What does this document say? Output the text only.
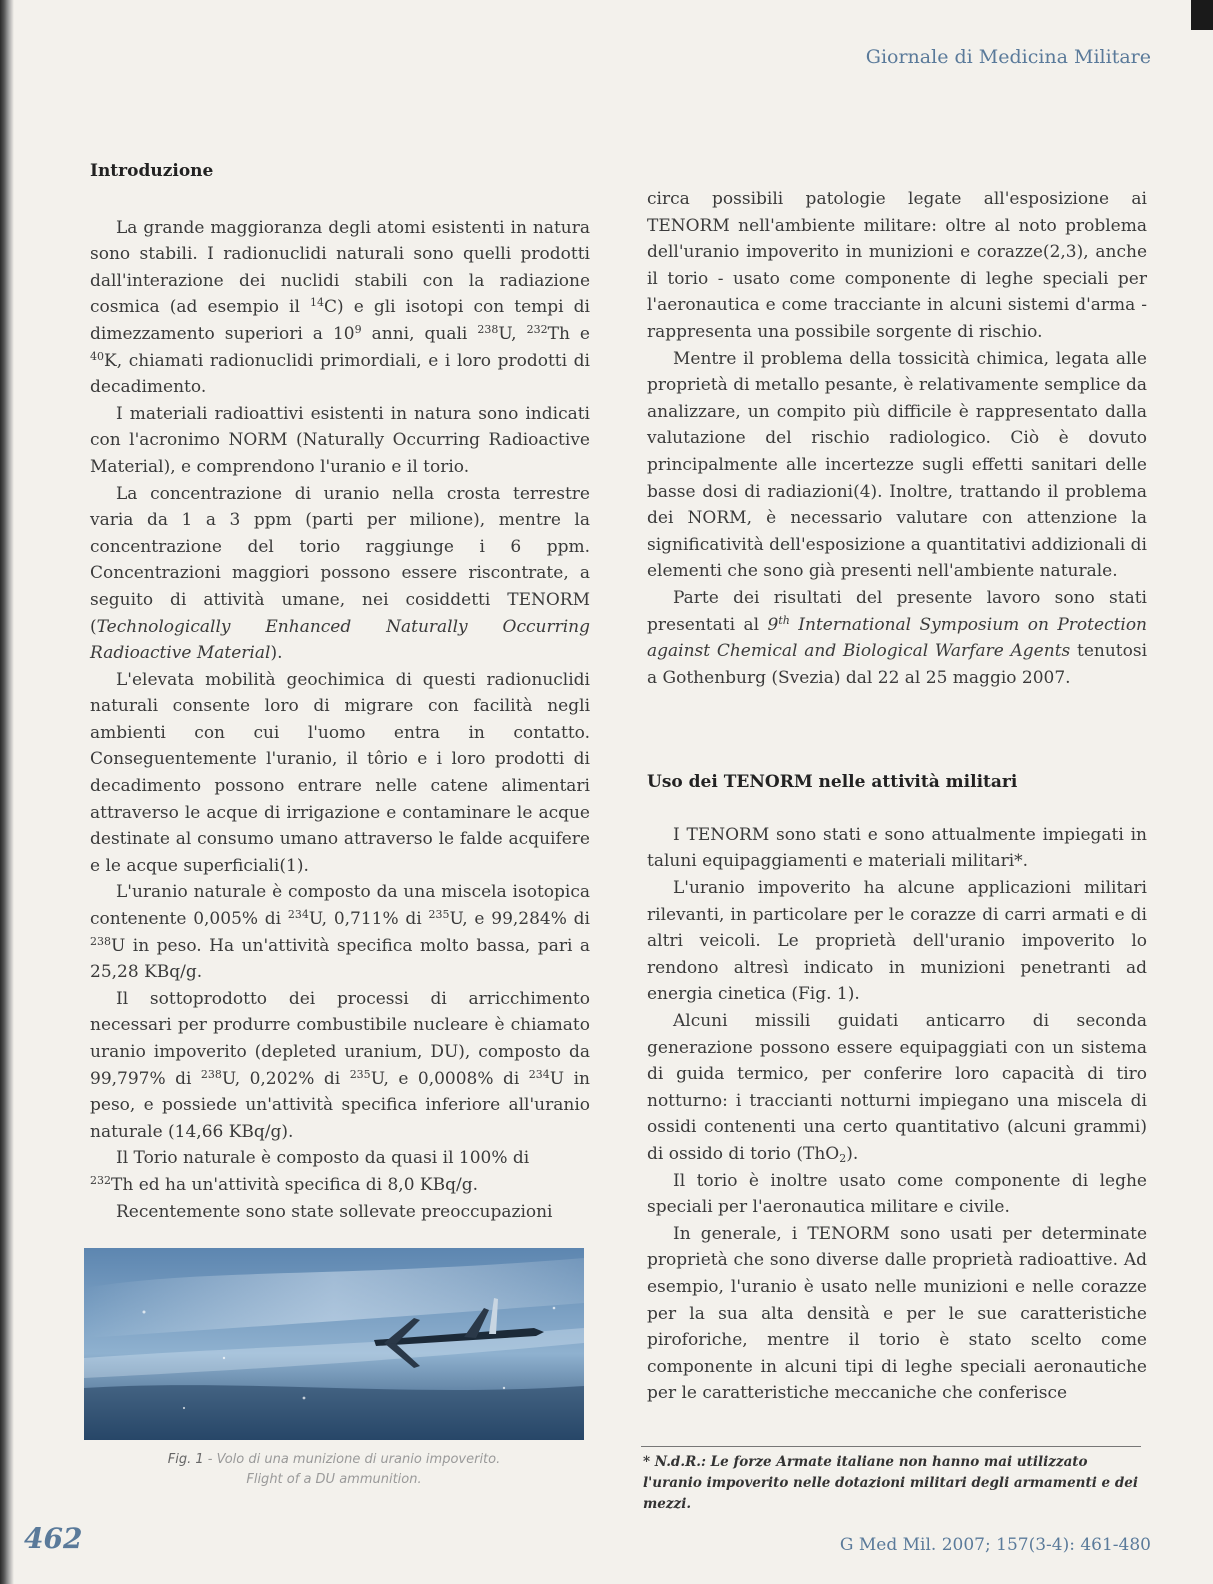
Giornale di Medicina Militare
Introduzione

La grande maggioranza degli atomi esistenti in natura sono stabili. I radionuclidi naturali sono quelli prodotti dall'interazione dei nuclidi stabili con la radiazione cosmica (ad esempio il $^{14}$C) e gli isotopi con tempi di dimezzamento superiori a $10^9$ anni, quali $^{238}$U, $^{232}$Th e $^{40}$K, chiamati radionuclidi primordiali, e i loro prodotti di decadimento.

I materiali radioattivi esistenti in natura sono indicati con l'acronimo NORM (Naturally Occurring Radioactive Material), e comprendono l'uranio e il torio.

La concentrazione di uranio nella crosta terrestre varia da 1 a 3 ppm (parti per milione), mentre la concentrazione del torio raggiunge i 6 ppm. Concentrazioni maggiori possono essere riscontrate, a seguito di attività umane, nei cosiddetti TENORM (Technologically Enhanced Naturally Occurring Radioactive Material).

L'elevata mobilità geochimica di questi radionuclidi naturali consente loro di migrare con facilità negli ambienti con cui l'uomo entra in contatto. Conseguentemente l'uranio, il tôrio e i loro prodotti di decadimento possono entrare nelle catene alimentari attraverso le acque di irrigazione e contaminare le acque destinate al consumo umano attraverso le falde acquifere e le acque superficiali(1).

L'uranio naturale è composto da una miscela isotopica contenente 0,005% di $^{234}$U, 0,711% di $^{235}$U, e 99,284% di $^{238}$U in peso. Ha un'attività specifica molto bassa, pari a 25,28 KBq/g.

Il sottoprodotto dei processi di arricchimento necessari per produrre combustibile nucleare è chiamato uranio impoverito (depleted uranium, DU), composto da 99,797% di $^{238}$U, 0,202% di $^{235}$U, e 0,0008% di $^{234}$U in peso, e possiede un'attività specifica inferiore all'uranio naturale (14,66 KBq/g).

Il Torio naturale è composto da quasi il 100% di
$^{232}$Th ed ha un'attività specifica di 8,0 KBq/g.

Recentemente sono state sollevate preoccupazioni

Fig. 1 - Volo di una munizione di uranio impoverito.
Flight of a DU ammunition.

circa possibili patologie legate all'esposizione ai TENORM nell'ambiente militare: oltre al noto problema dell'uranio impoverito in munizioni e corazze(2,3), anche il torio - usato come componente di leghe speciali per l'aeronautica e come tracciante in alcuni sistemi d'arma - rappresenta una possibile sorgente di rischio.

Mentre il problema della tossicità chimica, legata alle proprietà di metallo pesante, è relativamente semplice da analizzare, un compito più difficile è rappresentato dalla valutazione del rischio radiologico. Ciò è dovuto principalmente alle incertezze sugli effetti sanitari delle basse dosi di radiazioni(4). Inoltre, trattando il problema dei NORM, è necessario valutare con attenzione la significatività dell'esposizione a quantitativi addizionali di elementi che sono già presenti nell'ambiente naturale.

Parte dei risultati del presente lavoro sono stati presentati al 9th International Symposium on Protection against Chemical and Biological Warfare Agents tenutosi a Gothenburg (Svezia) dal 22 al 25 maggio 2007.

Uso dei TENORM nelle attività militari

I TENORM sono stati e sono attualmente impiegati in taluni equipaggiamenti e materiali militari*.

L'uranio impoverito ha alcune applicazioni militari rilevanti, in particolare per le corazze di carri armati e di altri veicoli. Le proprietà dell'uranio impoverito lo rendono altresì indicato in munizioni penetranti ad energia cinetica (Fig. 1).

Alcuni missili guidati anticarro di seconda generazione possono essere equipaggiati con un sistema di guida termico, per conferire loro capacità di tiro notturno: i traccianti notturni impiegano una miscela di ossidi contenenti una certo quantitativo (alcuni grammi) di ossido di torio (ThO$_2$).

Il torio è inoltre usato come componente di leghe speciali per l'aeronautica militare e civile.

In generale, i TENORM sono usati per determinate proprietà che sono diverse dalle proprietà radioattive. Ad esempio, l'uranio è usato nelle munizioni e nelle corazze per la sua alta densità e per le sue caratteristiche piroforiche, mentre il torio è stato scelto come componente in alcuni tipi di leghe speciali aeronautiche per le caratteristiche meccaniche che conferisce

* N.d.R.: Le forze Armate italiane non hanno mai utilizzato l'uranio impoverito nelle dotazioni militari degli armamenti e dei mezzi.
462	G Med Mil. 2007; 157(3-4): 461-480
